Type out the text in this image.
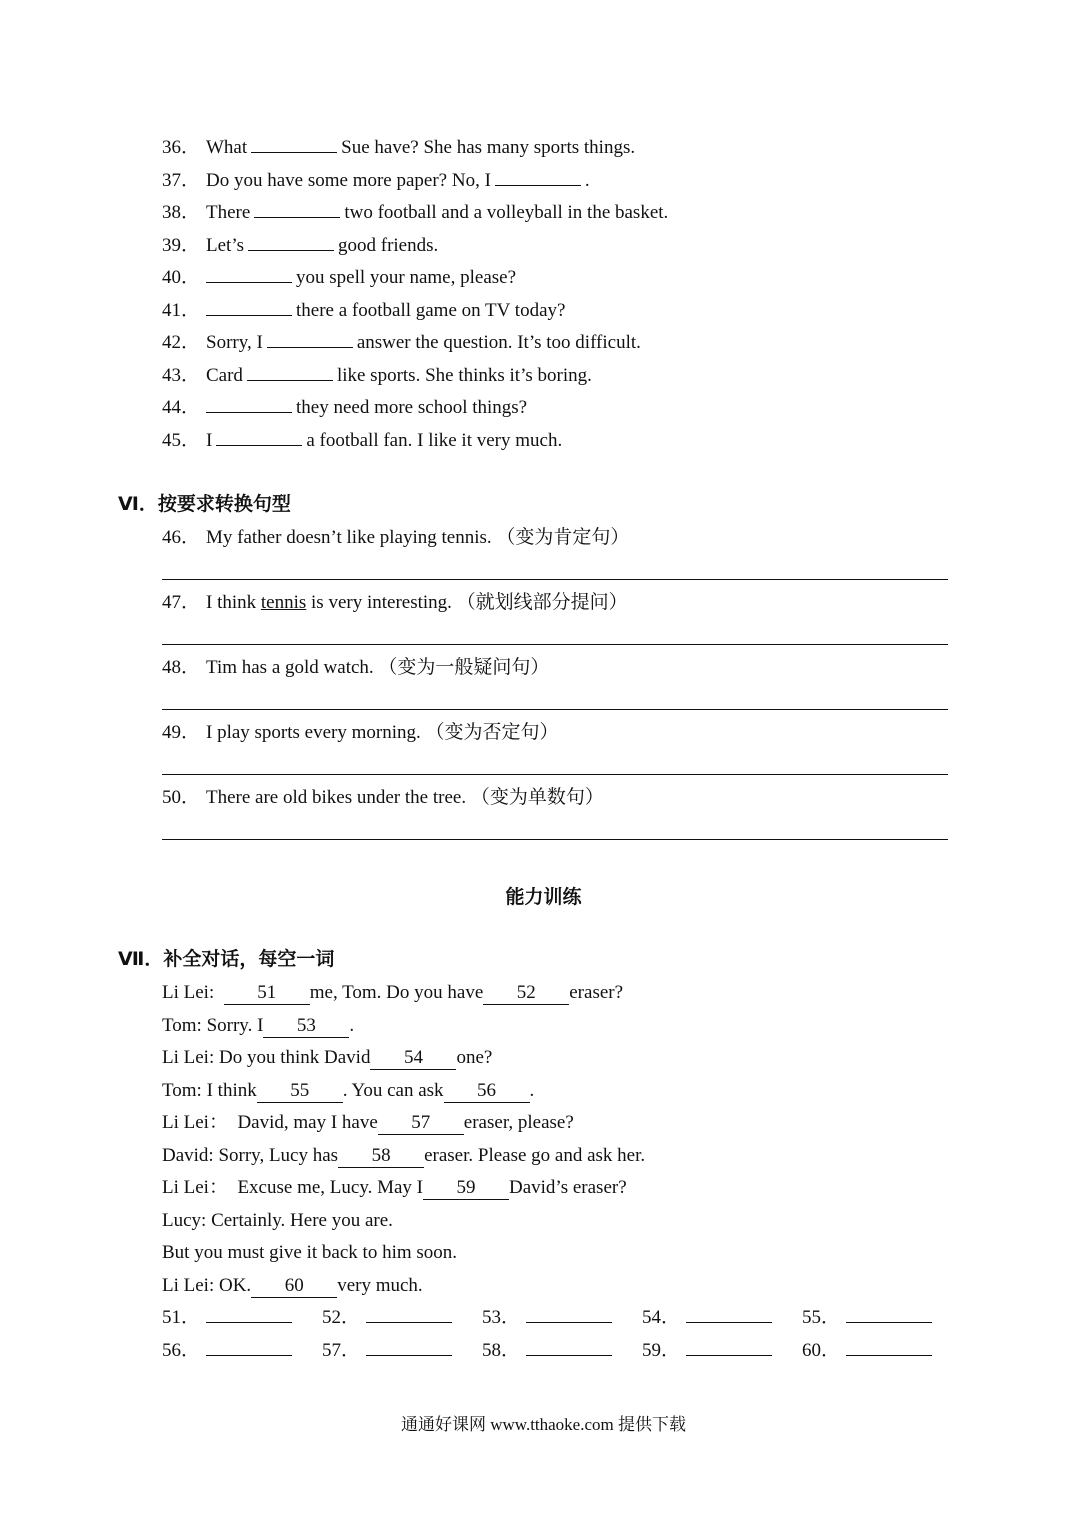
36． What	Sue have? She has many sports things.
37． Do you have some more paper? No, I	.
38． There	two football and a volleyball in the basket.
39． Let’s	good friends.
40．	you spell your name, please?
41．	there a football game on TV today?
42． Sorry, I	answer the question. It’s too difficult.
43． Card	like sports. She thinks it’s boring.
44．	they need more school things?
45． I	a football fan. I like it very much.
Ⅵ．按要求转换句型
46． My father doesn’t like playing tennis. （变为肯定句）
47． I think tennis is very interesting. （就划线部分提问）
48． Tim has a gold watch. （变为一般疑问句）
49． I play sports every morning. （变为否定句）
50． There are old bikes under the tree. （变为单数句）
能力训练
Ⅶ．补全对话，每空一词
Li Lei:  51 me, Tom. Do you have 52 eraser?
Tom: Sorry. I 53 .
Li Lei: Do you think David 54 one?
Tom: I think 55 . You can ask 56 .
Li Lei：  David, may I have 57 eraser, please?
David: Sorry, Lucy has 58 eraser. Please go and ask her.
Li Lei：  Excuse me, Lucy. May I 59 David’s eraser?
Lucy: Certainly. Here you are.
But you must give it back to him soon.
Li Lei: OK. 60 very much.
51．	52．	53．	54．	55．
56．	57．	58．	59．	60．
通通好课网 www.tthaoke.com 提供下载
